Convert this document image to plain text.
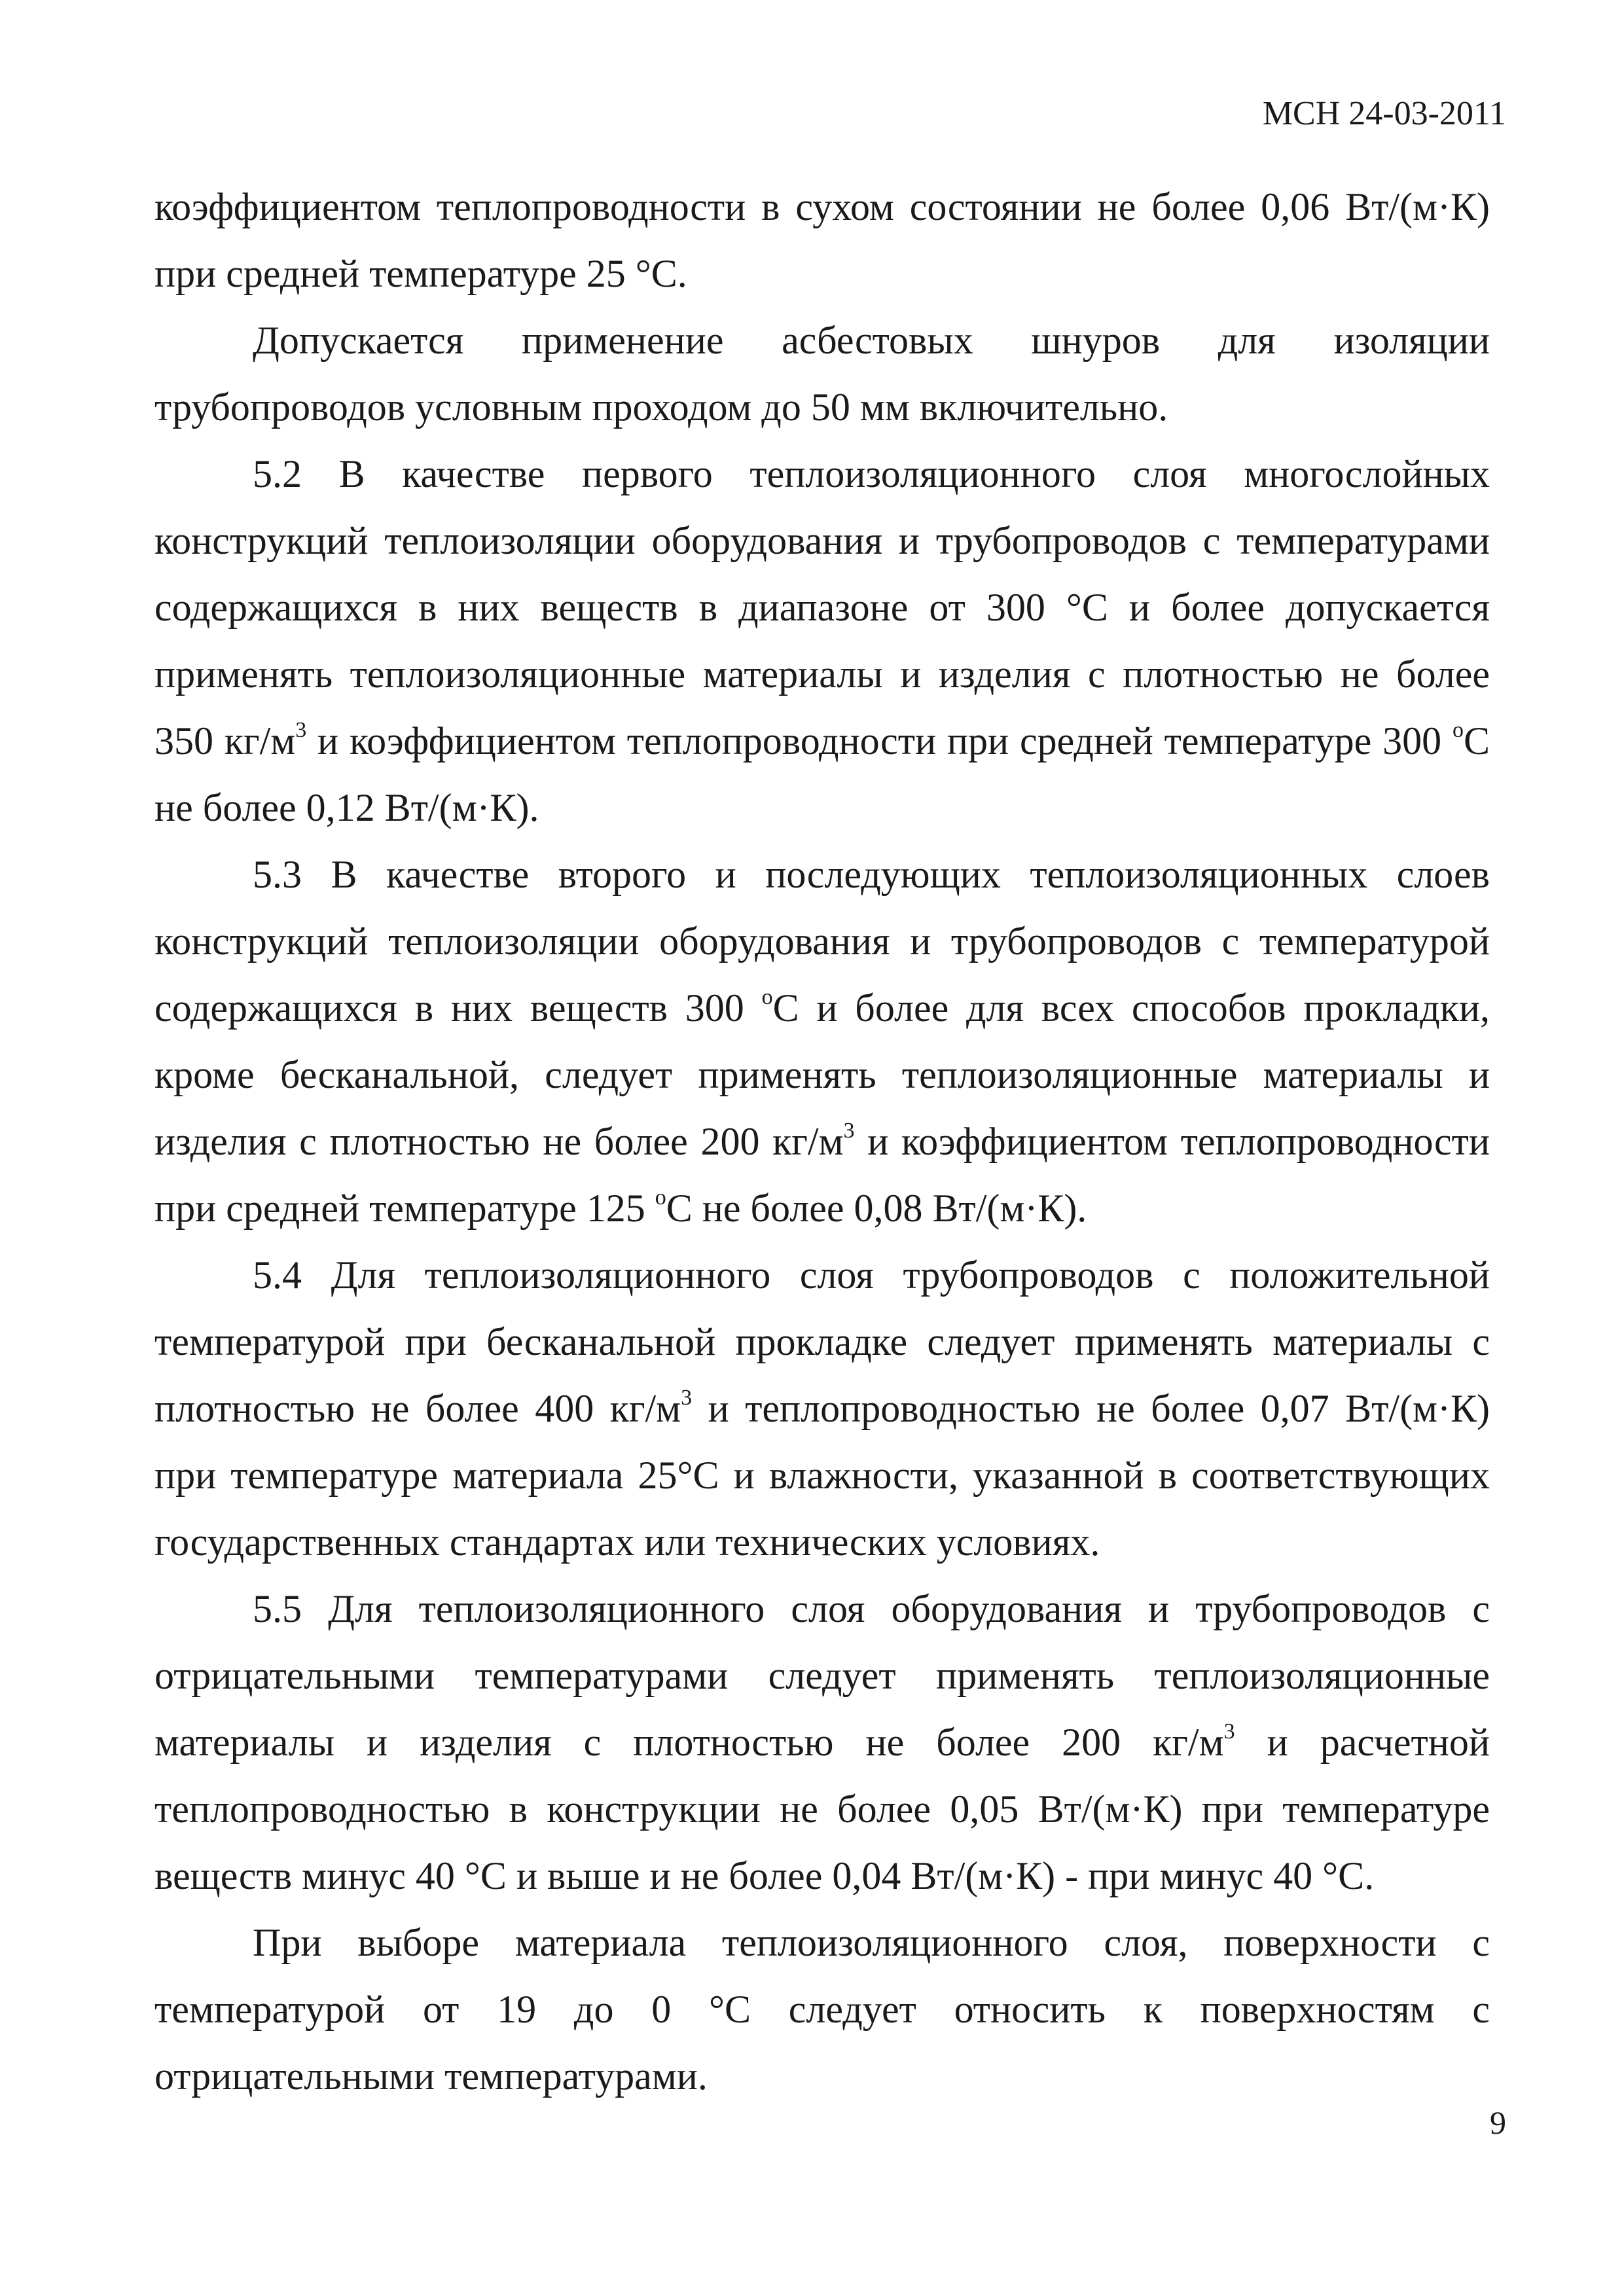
МСН 24-03-2011

коэффициентом теплопроводности в сухом состоянии не более 0,06 Вт/(м·К) при средней температуре 25 °С.

Допускается применение асбестовых шнуров для изоляции трубопроводов условным проходом до 50 мм включительно.

5.2 В качестве первого теплоизоляционного слоя многослойных конструкций теплоизоляции оборудования и трубопроводов с температурами содержащихся в них веществ в диапазоне от 300 °С и более допускается применять теплоизоляционные материалы и изделия с плотностью не более 350 $кг/м^3$ и коэффициентом теплопроводности при средней температуре 300 $^о$С не более 0,12 Вт/(м·К).

5.3 В качестве второго и последующих теплоизоляционных слоев конструкций теплоизоляции оборудования и трубопроводов с температурой содержащихся в них веществ 300 $^о$С и более для всех способов прокладки, кроме бесканальной, следует применять теплоизоляционные материалы и изделия с плотностью не более 200 $кг/м^3$ и коэффициентом теплопроводности при средней температуре 125 $^о$С не более 0,08 Вт/(м·К).

5.4 Для теплоизоляционного слоя трубопроводов с положительной температурой при бесканальной прокладке следует применять материалы с плотностью не более 400 $кг/м^3$ и теплопроводностью не более 0,07 Вт/(м·К) при температуре материала 25°С и влажности, указанной в соответствующих государственных стандартах или технических условиях.

5.5 Для теплоизоляционного слоя оборудования и трубопроводов с отрицательными температурами следует применять теплоизоляционные материалы и изделия с плотностью не более 200 $кг/м^3$ и расчетной теплопроводностью в конструкции не более 0,05 Вт/(м·К) при температуре веществ минус 40 °С и выше и не более 0,04 Вт/(м·К) - при минус 40 °С.

При выборе материала теплоизоляционного слоя, поверхности с температурой от 19 до 0 °С следует относить к поверхностям с отрицательными температурами.

9
